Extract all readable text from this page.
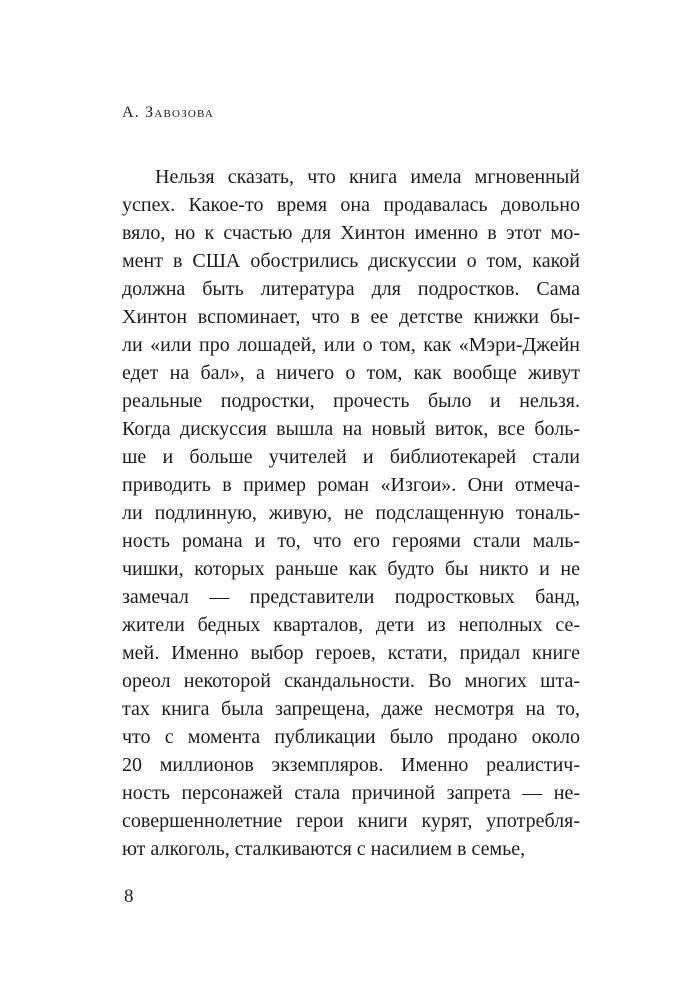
А. Завозова
Нельзя сказать, что книга имела мгновенный
успех. Какое-то время она продавалась довольно
вяло, но к счастью для Хинтон именно в этот мо-
мент в США обострились дискуссии о том, какой
должна быть литература для подростков. Сама
Хинтон вспоминает, что в ее детстве книжки бы-
ли «или про лошадей, или о том, как «Мэри-Джейн
едет на бал», а ничего о том, как вообще живут
реальные подростки, прочесть было и нельзя.
Когда дискуссия вышла на новый виток, все боль-
ше и больше учителей и библиотекарей стали
приводить в пример роман «Изгои». Они отмеча-
ли подлинную, живую, не подслащенную тональ-
ность романа и то, что его героями стали маль-
чишки, которых раньше как будто бы никто и не
замечал — представители подростковых банд,
жители бедных кварталов, дети из неполных се-
мей. Именно выбор героев, кстати, придал книге
ореол некоторой скандальности. Во многих шта-
тах книга была запрещена, даже несмотря на то,
что с момента публикации было продано около
20 миллионов экземпляров. Именно реалистич-
ность персонажей стала причиной запрета — не-
совершеннолетние герои книги курят, употребля-
ют алкоголь, сталкиваются с насилием в семье,
8
